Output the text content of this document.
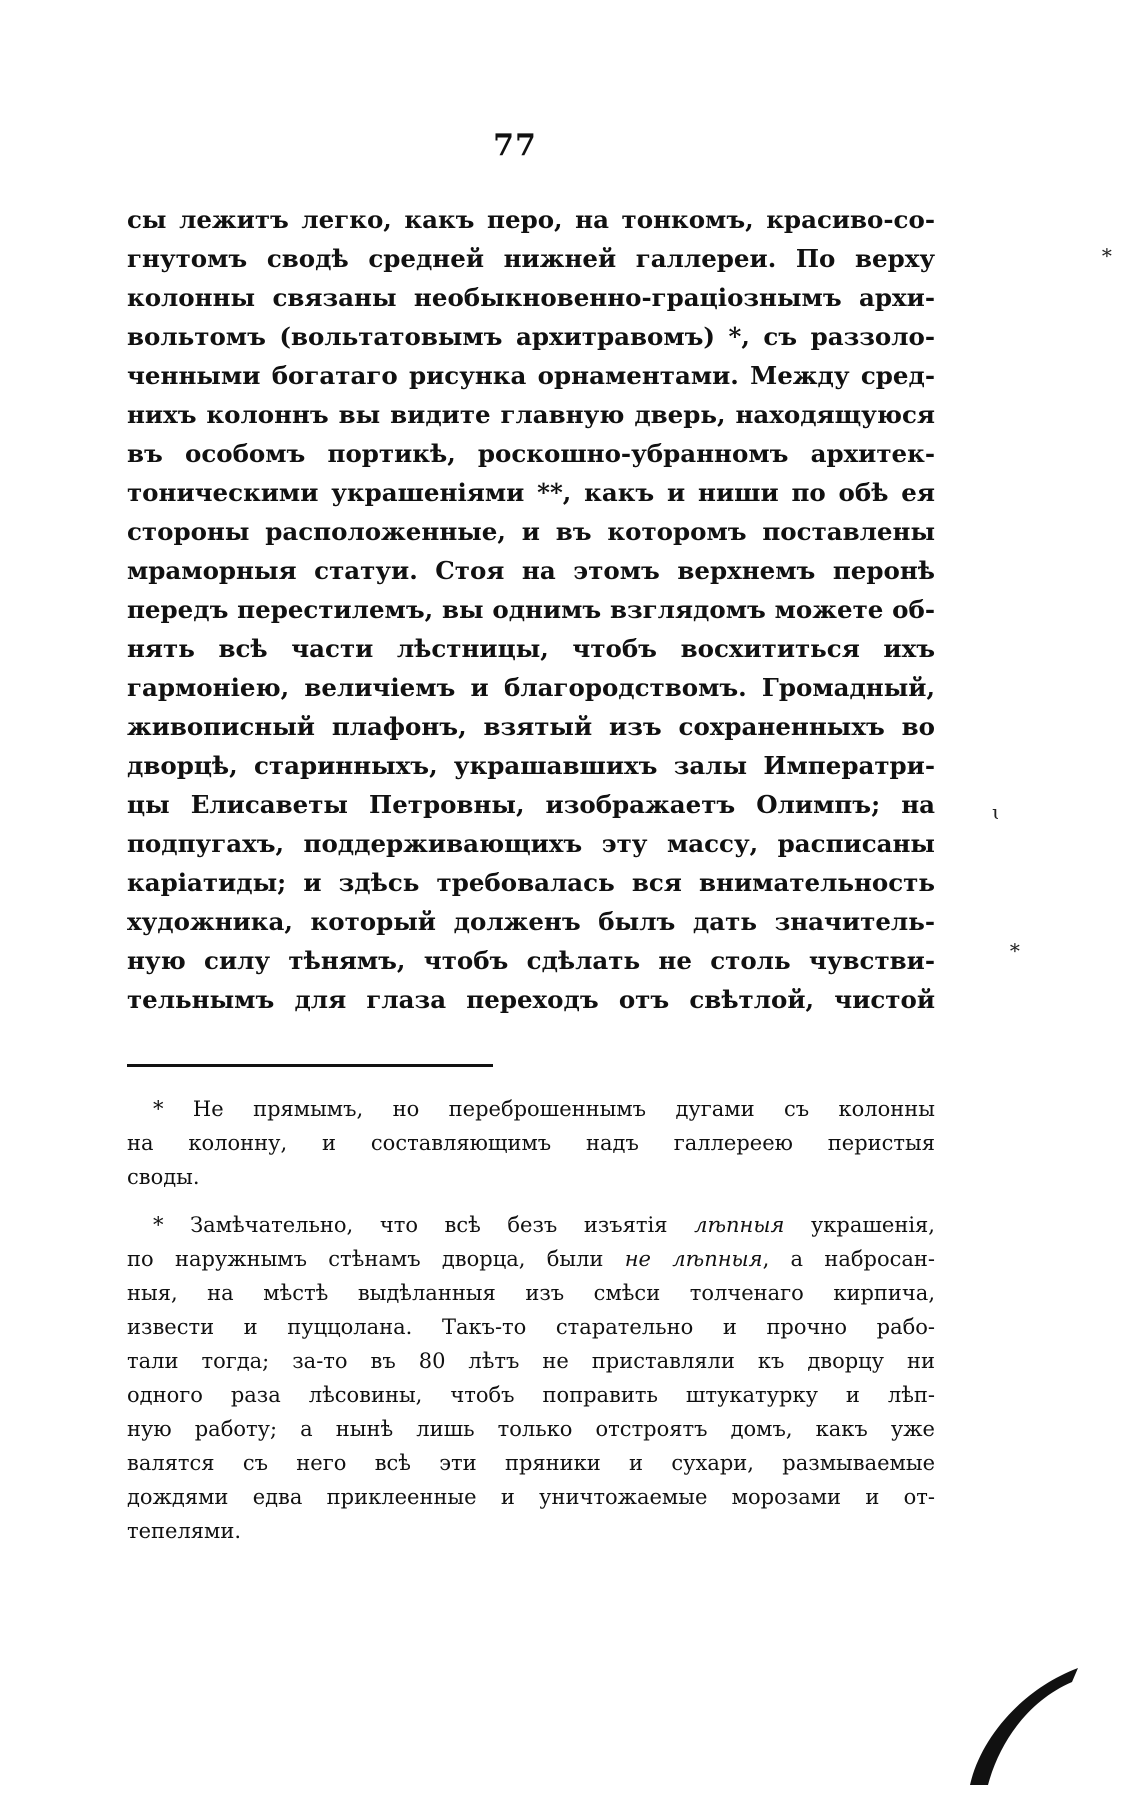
77
сы лежитъ легко, какъ перо, на тонкомъ, красиво-со-
гнутомъ сводѣ средней нижней галлереи. По верху
колонны связаны необыкновенно-граціознымъ архи-
вольтомъ (вольтатовымъ архитравомъ) *, съ раззоло-
ченными богатаго рисунка орнаментами. Между сред-
нихъ колоннъ вы видите главную дверь, находящуюся
въ особомъ портикѣ, роскошно-убранномъ архитек-
тоническими украшеніями **, какъ и ниши по обѣ ея
стороны расположенные, и въ которомъ поставлены
мраморныя статуи. Стоя на этомъ верхнемъ перонѣ
передъ перестилемъ, вы однимъ взглядомъ можете об-
нять всѣ части лѣстницы, чтобъ восхититься ихъ
гармоніею, величіемъ и благородствомъ. Громадный,
живописный плафонъ, взятый изъ сохраненныхъ во
дворцѣ, старинныхъ, украшавшихъ залы Императри-
цы Елисаветы Петровны, изображаетъ Олимпъ; на
подпугахъ, поддерживающихъ эту массу, расписаны
каріатиды; и здѣсь требовалась вся внимательность
художника, который долженъ былъ дать значитель-
ную силу тѣнямъ, чтобъ сдѣлать не столь чувстви-
тельнымъ для глаза переходъ отъ свѣтлой, чистой
* Не прямымъ, но переброшеннымъ дугами съ колонны
на колонну, и составляющимъ надъ галлереею перистыя
своды.
* Замѣчательно, что всѣ безъ изъятія лѣпныя украшенія,
по наружнымъ стѣнамъ дворца, были не лѣпныя, а набросан-
ныя, на мѣстѣ выдѣланныя изъ смѣси толченаго кирпича,
извести и пуццолана. Такъ-то старательно и прочно рабо-
тали тогда; за-то въ 80 лѣтъ не приставляли къ дворцу ни
одного раза лѣсовины, чтобъ поправить штукатурку и лѣп-
ную работу; а нынѣ лишь только отстроятъ домъ, какъ уже
валятся съ него всѣ эти пряники и сухари, размываемые
дождями едва приклеенные и уничтожаемые морозами и от-
тепелями.
∗
ɩ
∗
